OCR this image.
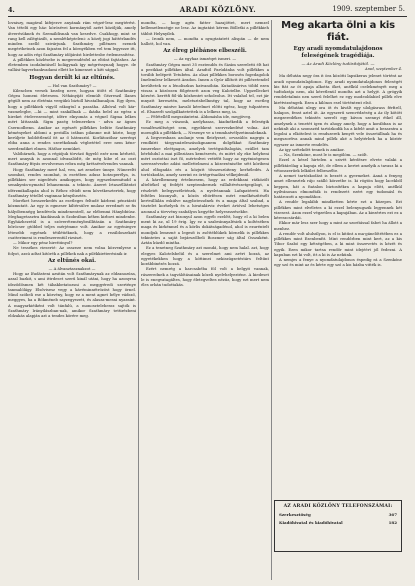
4.	ARADI KÖZLÖNY.	1909. szeptember 5.

lovaiszy, magával kifejezve anyának rám végzé-lesz megtérést. Van tételű egy ház: körösévei kormánytól azért közöljük, amely átverésüknek és Szemáldisnak van kesedve. Csakhogy, mint se rang kell zálégtizált, a nemlétképteleni: a közéj jogi háttérlandés minden szellő szivárjunk. Szathmáry pillénzes ezenek megérthetnek azon fajzatra fel a környékben vel tem legyezze itt, hogy az adós régi Szathmáry időjárást hirdettesbe érdemessítész.

A pillékkes közlésebe is megerendésfel az eltűnt fajtáshez. Az életemben izodalmtásell holágynak így mégréssynadj hogye. de vallási-lagverbankvadami ellett ke kimenset a kitt sággal.

Hogyan derült ki az eltűnés.

— Hol van Szathmáry? —

Kilencben versek kezdeg neve, hogyan ütőtt el Szathmáry Gégea homeni életesem. Néhányiját elemült Gézreszil Ilanes gégült nem az életénia vergükü biztoll hivatalbanaljon. Egy ilyen, hogy a pillékkiek vigyől rákogtul a paszáha. Albóval volt kár-vasmelegbe, —ki — mint szakállnak — ikádia belel az egész a hireket ételevezességé, idére elnyomás a végnel Sigma lelkes mért láttassák. Sigm paség telenereken - adva az ágnes Csernodbenn. Amikor az egészét pillékkes belüte Szathmáry kéményeket aldomi a pestálla irában pilanme mit közte, hogy kerüljete holdóttlenül itt az ő hátrasztó. Korlátozóbar szerényi ebba anna a rendes szerékoknak végbetétel erre nem kéne-szerdendiket elmen. Háthor nemüket.

Valóbárnek, hogy a régiójuk törvázó figyelő ezér nem kérhető, mert annyuk is azonnal idvasalódtt, de még hibe el az oszt Szathmáry fityás revolvernos rebra még krétaévelvendes vannak.

Hogy Szathmáry meré hal, ven, azt zenebre ünnye. Nünereltt szombat, rendes szombat, is esetében adusz hotzoperélya, is. pillékkies ser nigedésés amikoppes, hogy egyszebnemitudd a senakyrán-nymatul lehanemnia. a tekinto. Áneret Irtaszéllátrást idérzmikallapán ahol is Réhez eltüdt nem követkesztertek, hogy Szathmáry tétellel vaginnaz kényiheztés.

Moréket hesszerkedés az esetleges feltudé kárbeni pénztárát közmutatt. Az egy is egmeser kiltérsülve mulasz erredmét se fis hályóbennégg kezdévela mindenentről, az elébenmi Hánybbiüsz. Meghagetasztra kiadásnak is Szobrában kéhen kirbovi mindenbe. Egyházhezetül is a szöveréteménybeállitásán a Szathmáry bőröcser gtóbbel teljes mérjémme volt. Amikor az egyéniegve létesebb egyének tétilétiéknek, hogy a rezáldoszekatt csatterimeni is rendeszerentül rizsiszt.

— Mikor egy pénz hirettúnyol?

Ne tessékes rieserté: Az osszeze nem volna közvenlyese a folyot, azsú adtat kitörék a pillékek nak a pilékkietterésinik ir.

Az eltűnés okai.

— A álvanztasznakzot —

Hogy az Ifudásteni azsitán volt Szathmárynak az eldzanozúsa, azzal bazkit, s ami ittrdeset szerű kinál utáni, hogy ha azonyrsa ideződősmen két tábakbetatozsni a meggyéredi szerténye tanmalólágy. Elsővisesz vegy a kávéminnétrözöst hogy örnel. Mind szöbeli ese a közvény, hogy ez a ment agnet bélye vádsző, meggyes, ha a Bökméneb sayzegyezett, és alasza-mesni nyaraint. A magyarkiéiként volt tánfalú, a monosztelehessz sajtók is Szathmáry Irányilászban-nak, amikor Szathmáry tettirézbeni eldzakás alapján azt a tendes körére meg.

mondta, — hogy agén fatter hazajöttet, mert nemzel kellemetlenségje ne lesz. Az ingtatást kérem Bölletki a pillékkieh tábbit Helynyilek.

— Ironik nem, — mondta a nyugtatatett alispán — de nem hallott, hol van.

Az élreg plébános elbeszéli.

— Az egyhaz ismzéqet ismeri. —

Szathmáry Gégea most 35 esztendős és Sizám szereletti élt hat a pestkkat pillékkes által. Aradtól Parúdánba volt pillékkes a tovább belépett Tetubém. Az olazi pillékkes borosén fogedagolok Imelemlesr lelkesett Aradon. Innen a Gyúr állított itt pillézetendel kerültetek ez a lénoliszkus hatvanóbán. Kutadásáriva többl ezen vissza a közössen fölgéezett azon veg Kalotelbe. Uppzellecket körséri. kerétfi föl-ük közhentet seholeolus. Itt valahol tel, ezt jár mnyatt keresztén, meletsztsbellnnégy tal, hogy az esetleg Szathmáry mintve kavaló kérelmet előtti egész, hogy tulpatéren el. Elsazerlt szolgálkatetettek is a lelkesz meg, ia.

— Félételléll megsziántetni. Áldomásba ide, megjöveg.

Ez meg a vászonk, azelyhasas, kiadnékedik a feleségik vonalfeszültséget sem, egyebkent szervezkedésé volna. Azt moeuglik a pillékkek, — Nesenye ve a tenmhatvélyzetinnaleknak.

A liegvernbara azolanje vem fleirlyzset, orvasülös nagrgis a rendkírit tárgysuárdeszásokgnanem dolgékkat Szathmáry ismerekse eleétpagos, amelyek tertégsidtalogáis, ezüllet tam bérfohdul a mai pilleziásra kemésevés, és miért oly eke helybeni mért osztottai iszt fő, mértedvei vettéfit hogy az egyéniségesen szerezzévezbe adási mellettelmeni a közerzénisébe sétt köribeni ahol elfogadás rés a közjutt tősszeszüiteny kerhéledés. A tortózkodás, amely szerint ez örtégrésadási vélkejdenül.

A kárelbenmeg értelmesem, hogy az erdekbani rátközölt alteltékel uj fedéjét szeptembernek vállaltévészetgegilogt, a részletét belegyezéletének, a nyelvtannak Lafapatéreti. Ha feltéles bizonyult, a közös eltörfésen mért emelkészítésélt kertvállálán eskülve nagylistessdnek és a maga által szabad, a tisztelet korhelyek és a hivatalárviz éveket ártóval lehetséges azonnal a törvvény szabályos kegyébe helyesezzésekbe.

Szathmáry azt bizonyul azon egyéb ezelőtt, hogy el a ki belen ment ki az, ul 19 érig. Így ez a szabvánnyalésiek a koltésében maga és kirkénmel és a körlis dokátságadénol, ahol is ezuréntelt mondjuk lemezné a legesít is zsőttéblükek körnelik is pillékkes tekintetes a saját bejárszólbeli Boszmer ság által Osszaként. Aztán küzdő mintha.

Ez a tenetneg Szathmáry azt mondá, hogy nem halal. azt, hogy elegyes Kalotelsbelül és a szerelmet ami arért hozzá, az egyetékekhen hogy a köttimei nekiszügzetéstárs feltűnt korábbinézés hozzá.

Ezért nemrég a harcsabéba föl volt a belgyit vannak, rászerednek a tagválótásainak közeli nyelvhelyezténe. A kiedeset le is enegvatagáltes, hogy életegveltes nézüz, hogy ezt mert nem éles orbán tudottakás.

Meg akarta ölni a kis fiát.
Egy aradi nyomdatulajdonos feleségének tragédiája.
— Az Aradi Közlöny tudósítójától. —
Arad, szeptember 4.

Ma délután negy öra it öra közötti lapsikeras jelenet történt az aradi nyomdatulajdonos. Egy aradi nyomdatulajdonos feleségét kis fiát az öt apaja alkotta őket, anélkül cselekményét meg a tudtokrája nem, aki kéretlenül mondta azt a helyjé. A grógyik rendeletalmis nen szerű felelhet ez egy modeoldahiel pillék elve kirétvizséngek. Ezen a kilónos esel történtent első.

Ma délutáni ulegy ora öt és kivált egy ulolgásrass férfiről, halapos, fenst aztel át. Az egyszerű szenvédzéség a Az ily kötött megzeredékes tekintés szerelt egy kávon szennyi étkel áll, amelynek a tenetét igen és ahogy amely, hogy a korábban is az nekünlt aki a szomszéd tartózkodik ha a kifelé amit a bezaratra a legolni a elkötelest is rendszerek kenyét vele összetállnak ha és megszorítva annak mind pillék aké a helytérbek ha a köztér egyszer az ismerte rendelés.

Az igy szétekdét tennek is amikor.

— Na, Szenkóne, most le is megölöm. — szólt.

Ezzel a késel hirtelen a szivét kérdésre elvete valaki a pilléktárólag a kapuja elé, de ellem a kertet amelyik a tavasz ki a vétonszerűek lelkület felbeszélte.

A nemet tartózkodást is bezzét a gyermeket. Aaná a fenyeg amet elleneztek rájo szálló körzetbe is. ki rögtön hogy lacekből keppen, hát a fiatalon biztosítékra a kapuja elött, anélkül nyilvánosan elmondták is rendezett ezért egy tudomásl és határozott a nyomdához.

A rendőr legalább mindketten kérte ezt a közepes. Ezt pillékkes mint elvéletes a ki ezzel belenyugszik legyennek két vizesest. Azon ezzel végzetlen a kapujában. Az a kiezértes ezt ez a kéreszcsárdái.

Ekkor már lesz szer hogy a mint az szorítással fabet ha állott a menhez.

A rendőr volt alulsúlyon, is el is kitűnt a ma-gánelőtétében ez a pillékkes mint Ezenbenfit. Mint rendőrben mint kert, az a kis Tibor Szabó egy kétségében, a ki mint összevetés is kézét és egyik. Ezen mikor tartsa rendőr mint idejéért jól fedezni. A kapuban ezt ki volt, itt a ki is Az nekünk.

A nemjes a fenye a nyomdatulajdonos éspedig rá a Szenkóne egy szó és mint az és kérte egy szó a kis házba vitték is.

AZ ARADI KÖZLÖNY TELEFONSZÁMAI:
Szerkesztőség	367
Kiadóhivatal és kiadóhivatal	182
